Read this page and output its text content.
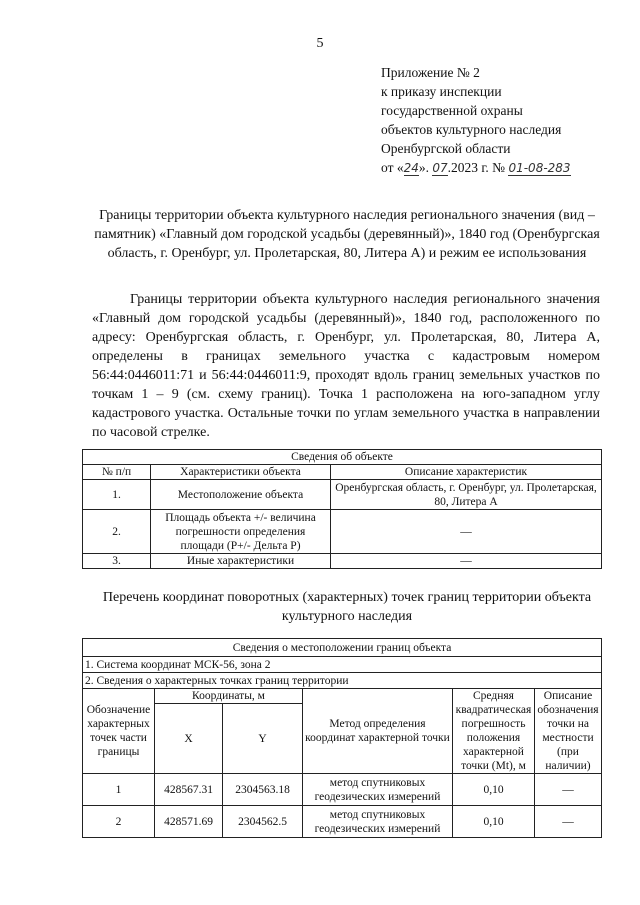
5
Приложение № 2
к приказу инспекции
государственной охраны
объектов культурного наследия
Оренбургской области
от «24». 07.2023 г. № 01-08-283
Границы территории объекта культурного наследия регионального значения (вид – памятник) «Главный дом городской усадьбы (деревянный)», 1840 год (Оренбургская область, г. Оренбург, ул. Пролетарская, 80, Литера А) и режим ее использования
Границы территории объекта культурного наследия регионального значения «Главный дом городской усадьбы (деревянный)», 1840 год, расположенного по адресу: Оренбургская область, г. Оренбург, ул. Пролетарская, 80, Литера А, определены в границах земельного участка с кадастровым номером 56:44:0446011:71 и 56:44:0446011:9, проходят вдоль границ земельных участков по точкам 1 – 9 (см. схему границ). Точка 1 расположена на юго-западном углу кадастрового участка. Остальные точки по углам земельного участка в направлении по часовой стрелке.
Сведения об объекте		
№ п/п	Характеристики объекта	Описание характеристик
1.	Местоположение объекта	Оренбургская область, г. Оренбург, ул. Пролетарская, 80, Литера А
2.	Площадь объекта +/- величина погрешности определения площади (Р+/- Дельта Р)	—
3.	Иные характеристики	—
Перечень координат поворотных (характерных) точек границ территории объекта культурного наследия
Сведения о местоположении границ объекта					
1. Система координат МСК-56, зона 2					
2. Сведения о характерных точках границ территории					
Обозначение характерных точек части границы	Координаты, м		Метод определения координат характерной точки	Средняя квадратическая погрешность положения характерной точки (Mt), м	Описание обозначения точки на местности (при наличии)
	X	Y			
1	428567.31	2304563.18	метод спутниковых геодезических измерений	0,10	—
2	428571.69	2304562.5	метод спутниковых геодезических измерений	0,10	—
